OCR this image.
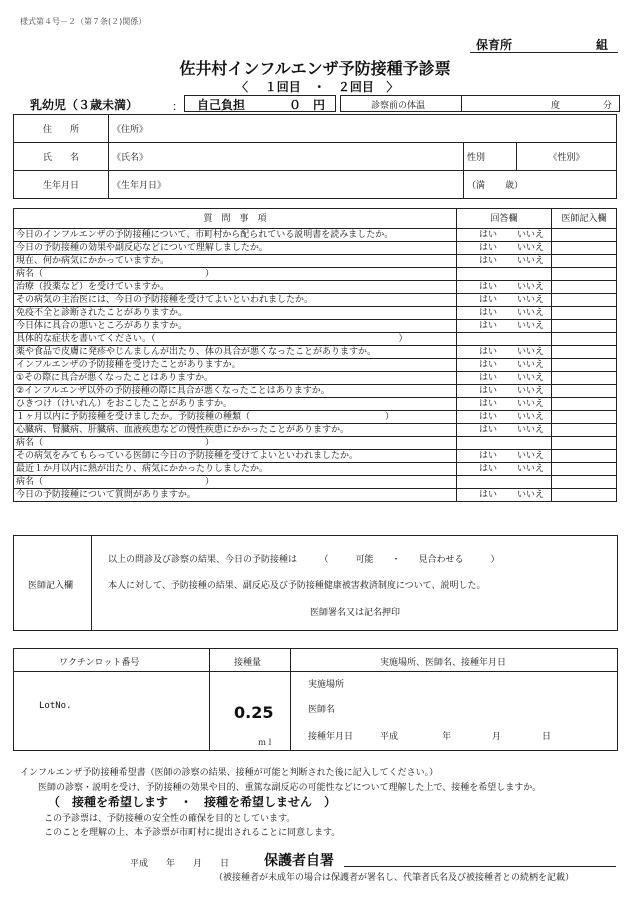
様式第４号－２（第７条(２)関係）
保育所	組
佐井村インフルエンザ予防接種予診票
〈 １回目 ・ ２回目 〉
乳幼児（３歳未満）	： 自己負担	０　円	診察前の体温	度	分
住　　所	《住所》		
氏　　名	《氏名》	性別	《性別》
生年月日	《生年月日》	（満 歳）	
質　問　事　項	回答欄	医師記入欄
今日のインフルエンザの予防接種について、市町村から配られている説明書を読みましたか。	はい いいえ	
今日の予防接種の効果や副反応などについて理解しましたか。	はい いいえ	
現在、何か病気にかかっていますか。	はい いいえ	
病名（　　　　　　　　　　　　　　　　　　）		
治療（投薬など）を受けていますか。	はい いいえ	
その病気の主治医には、今日の予防接種を受けてよいといわれましたか。	はい いいえ	
免疫不全と診断されたことがありますか。	はい いいえ	
今日体に具合の悪いところがありますか。	はい いいえ	
具体的な症状を書いてください。（　　　　　　　　　　　　　　　　　　　　　　　　　　　）		
薬や食品で皮膚に発疹やじんましんが出たり、体の具合が悪くなったことがありますか。	はい いいえ	
インフルエンザの予防接種を受けたことがありますか。	はい いいえ	
①その際に具合が悪くなったことはありますか。	はい いいえ	
②インフルエンザ以外の予防接種の際に具合が悪くなったことはありますか。	はい いいえ	
ひきつけ（けいれん）をおこしたことがありますか。	はい いいえ	
１ヶ月以内に予防接種を受けましたか。予防接種の種類（　　　　　　　　　　　　　　　）	はい いいえ	
心臓病、腎臓病、肝臓病、血液疾患などの慢性疾患にかかったことがありますか。	はい いいえ	
病名（　　　　　　　　　　　　　　　　　　）		
その病気をみてもらっている医師に今日の予防接種を受けてよいといわれましたか。	はい いいえ	
最近１か月以内に熱が出たり、病気にかかったりしましたか。	はい いいえ	
病名（　　　　　　　　　　　　　　　　　　）		
今日の予防接種について質問がありますか。	はい いいえ	
医師記入欄
以上の問診及び診察の結果、今日の予防接種は　　　（　　　可能　　・　　見合わせる　　　）
本人に対して、予防接種の結果、副反応及び予防接種健康被害救済制度について、説明した。
医師署名又は記名押印
ワクチンロット番号	接種量	実施場所、医師名、接種年月日
LotNo.	0.25
ｍｌ
実施場所
医師名
接種年月日	平成	年	月	日
インフルエンザ予防接種希望書（医師の診察の結果、接種が可能と判断された後に記入してください。）
医師の診察・説明を受け、予防接種の効果や目的、重篤な副反応の可能性などについて理解した上で、接種を希望しますか。
（　接種を希望します　・　接種を希望しません　）
この予診票は、予防接種の安全性の確保を目的としています。
このことを理解の上、本予診票が市町村に提出されることに同意します。
平成　　年　　月　　日 保護者自署
（被接種者が未成年の場合は保護者が署名し、代筆者氏名及び被接種者との続柄を記載）
